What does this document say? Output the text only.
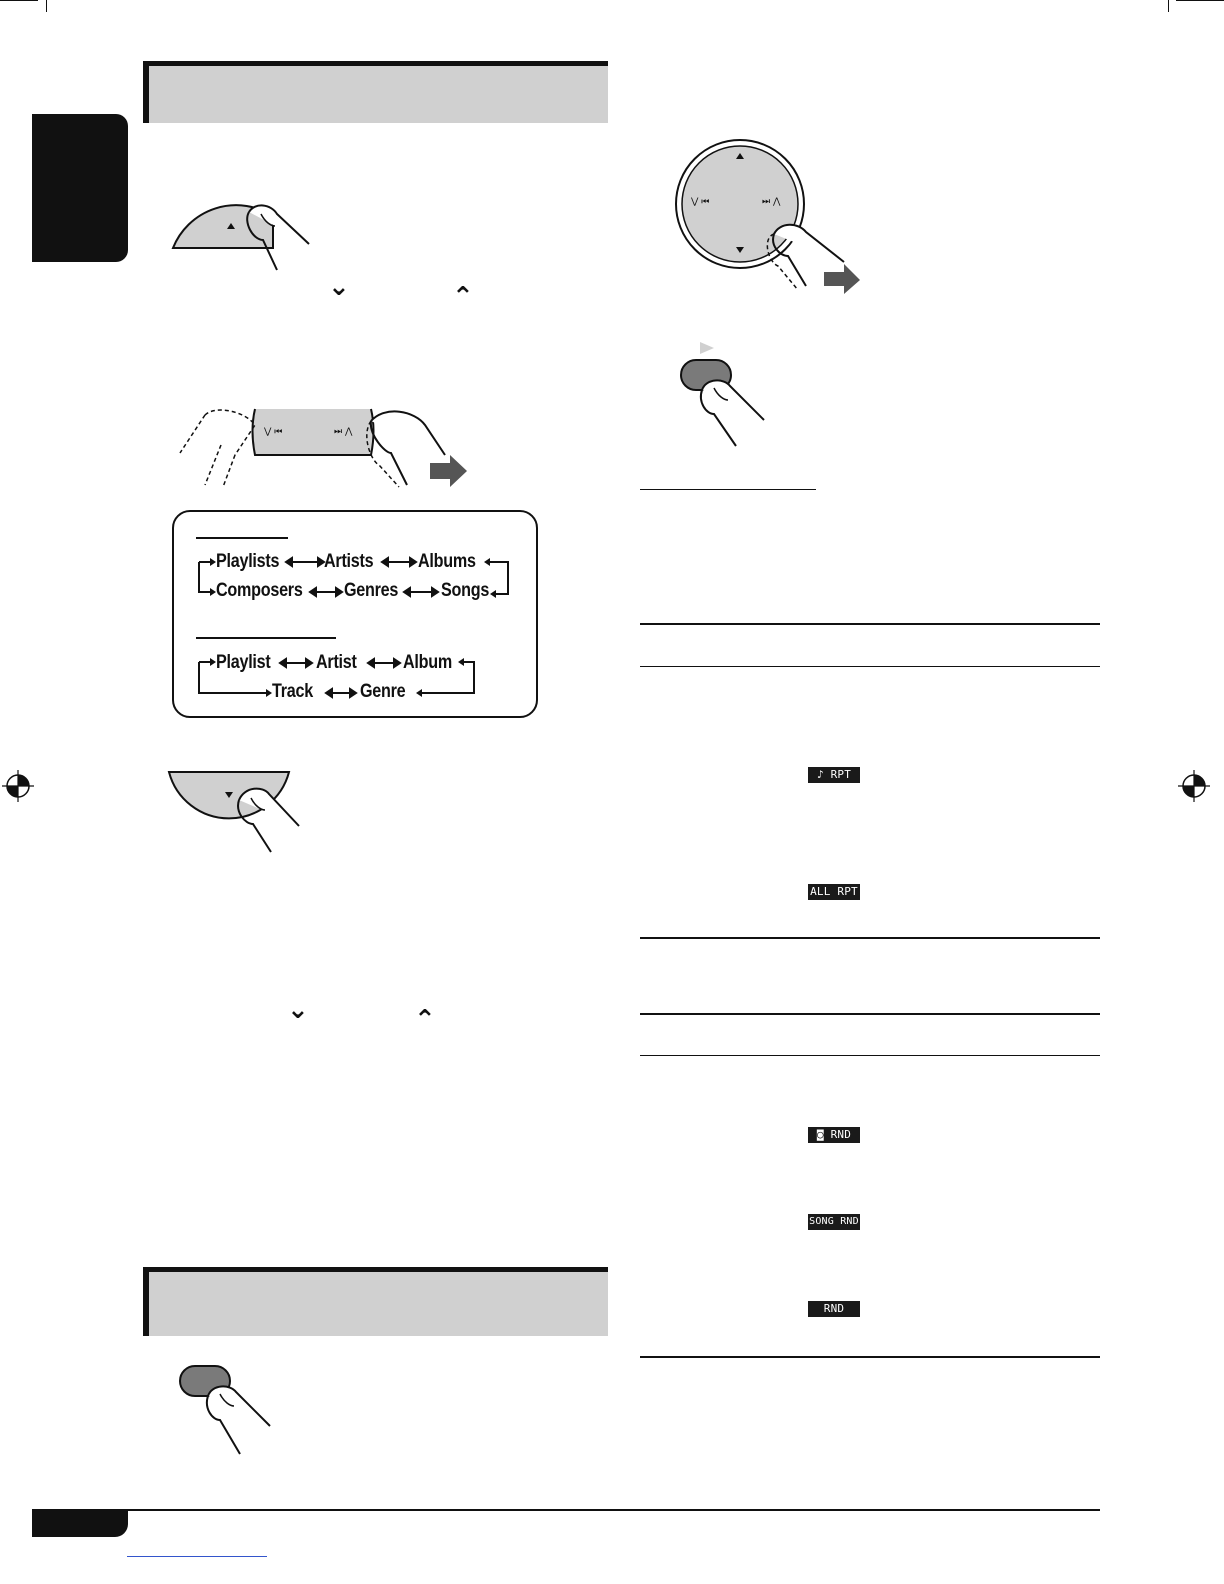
⌄	⌃
⋁ ⏮	⏭ ⋀
Playlists Artists Albums
Composers Genres Songs
Playlist Artist Album
Track Genre
⌄	⌃
⋁ ⏮	⏭ ⋀
♪ RPT
ALL RPT
◙ RND
SONG RND
RND
